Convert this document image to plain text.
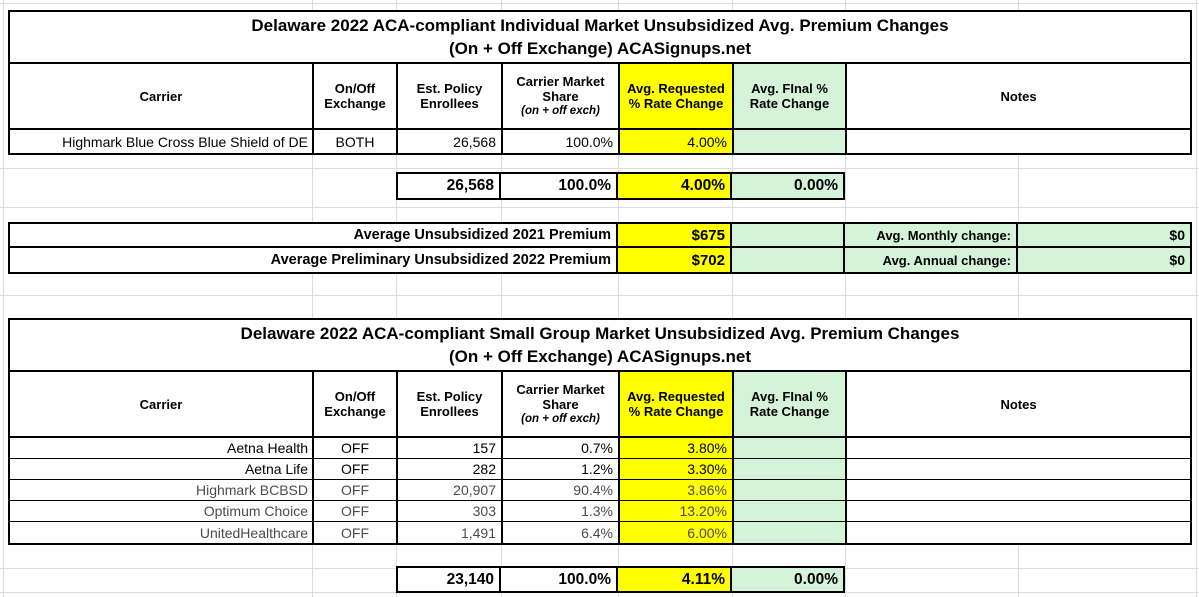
Delaware 2022 ACA-compliant Individual Market Unsubsidized Avg. Premium Changes
(On + Off Exchange) ACASignups.net
Carrier	On/Off Exchange
Est. Policy Enrollees
Carrier Market Share
(on + off exch)
Avg. Requested % Rate Change
Avg. FInal % Rate Change	Notes
Highmark Blue Cross Blue Shield of DE	BOTH	26,568	100.0%	4.00%
26,568	100.0%	4.00%	0.00%
Average Unsubsidized 2021 Premium	$675	Avg. Monthly change:	$0
Average Preliminary Unsubsidized 2022 Premium	$702	Avg. Annual change:	$0
Delaware 2022 ACA-compliant Small Group Market Unsubsidized Avg. Premium Changes
(On + Off Exchange) ACASignups.net
Carrier	On/Off Exchange
Est. Policy Enrollees
Carrier Market Share
(on + off exch)
Avg. Requested % Rate Change
Avg. FInal % Rate Change	Notes
Aetna Health	OFF	157	0.7%	3.80%
Aetna Life	OFF	282	1.2%	3.30%
Highmark BCBSD	OFF	20,907	90.4%	3.86%
Optimum Choice	OFF	303	1.3%	13.20%
UnitedHealthcare	OFF	1,491	6.4%	6.00%
23,140	100.0%	4.11%	0.00%
